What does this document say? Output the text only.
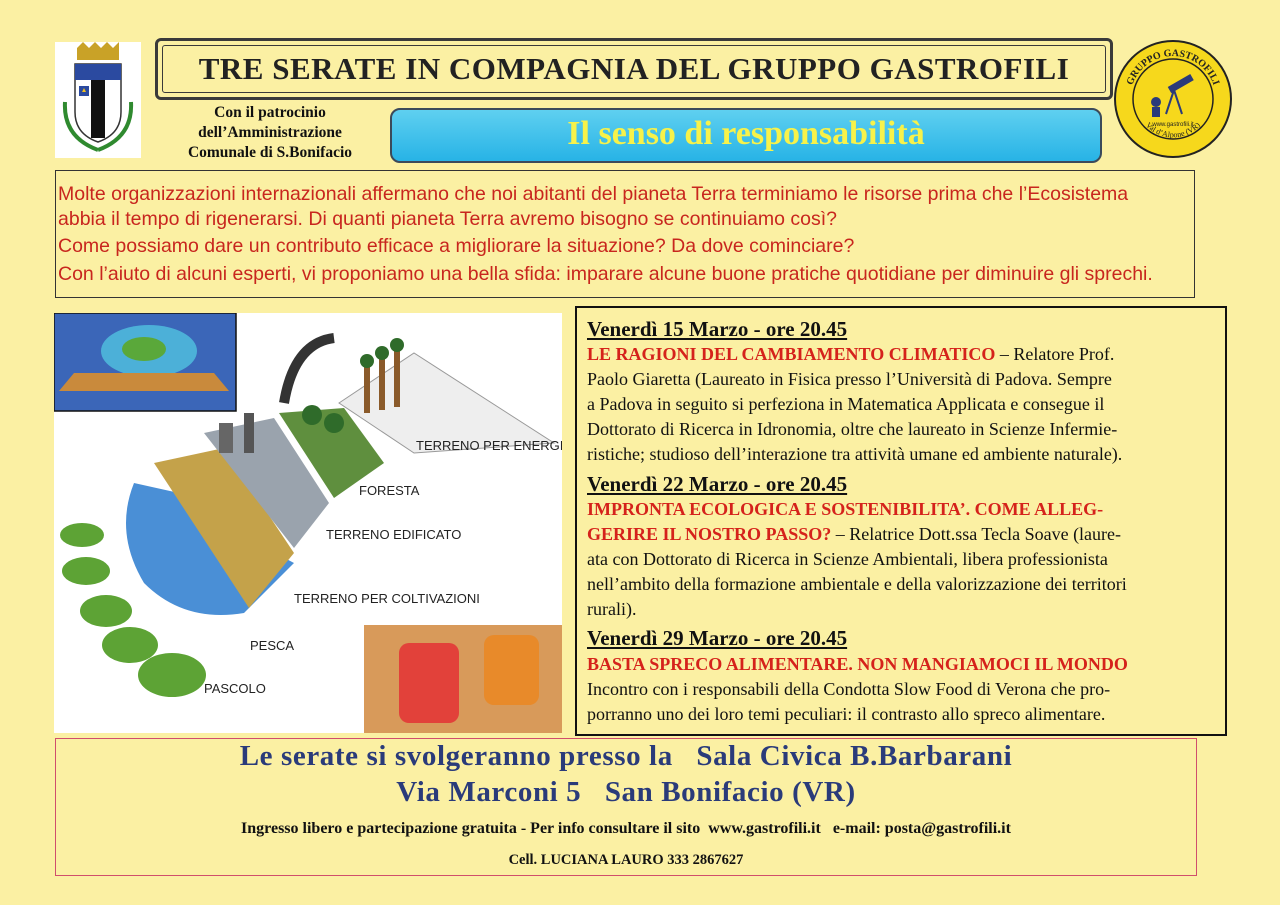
TRE SERATE IN COMPAGNIA DEL GRUPPO GASTROFILI
Con il patrocinio
dell’Amministrazione
Comunale di S.Bonifacio
Il senso di responsabilità
GRUPPO GASTROFILI
Val d’Alpone (VR)
www.gastrofili.it
Molte organizzazioni internazionali affermano che noi abitanti del pianeta Terra terminiamo le risorse prima che l’Ecosistema
abbia il tempo di rigenerarsi. Di quanti pianeta Terra avremo bisogno se continuiamo così?
Come possiamo dare un contributo efficace a migliorare la situazione? Da dove cominciare?
Con l’aiuto di alcuni esperti, vi proponiamo una bella sfida: imparare alcune buone pratiche quotidiane per diminuire gli sprechi.
TERRENO PER ENERGIA
FORESTA
TERRENO EDIFICATO
TERRENO PER COLTIVAZIONI
PESCA
PASCOLO
Venerdì 15 Marzo - ore 20.45
LE RAGIONI DEL CAMBIAMENTO CLIMATICO – Relatore Prof.
Paolo Giaretta (Laureato in Fisica presso l’Università di Padova. Sempre
a Padova in seguito si perfeziona in Matematica Applicata e consegue il
Dottorato di Ricerca in Idronomia, oltre che laureato in Scienze Infermie-
ristiche; studioso dell’interazione tra attività umane ed ambiente naturale).
Venerdì 22 Marzo - ore 20.45
IMPRONTA ECOLOGICA E SOSTENIBILITA’. COME ALLEG-
GERIRE IL NOSTRO PASSO? – Relatrice Dott.ssa Tecla Soave (laure-
ata con Dottorato di Ricerca in Scienze Ambientali, libera professionista
nell’ambito della formazione ambientale e della valorizzazione dei territori
rurali).
Venerdì 29 Marzo - ore 20.45
BASTA SPRECO ALIMENTARE. NON MANGIAMOCI IL MONDO
Incontro con i responsabili della Condotta Slow Food di Verona che pro-
porranno uno dei loro temi peculiari: il contrasto allo spreco alimentare.
Le serate si svolgeranno presso la   Sala Civica B.Barbarani
Via Marconi 5   San Bonifacio (VR)
Ingresso libero e partecipazione gratuita - Per info consultare il sito  www.gastrofili.it   e-mail: posta@gastrofili.it
Cell. LUCIANA LAURO 333 2867627
